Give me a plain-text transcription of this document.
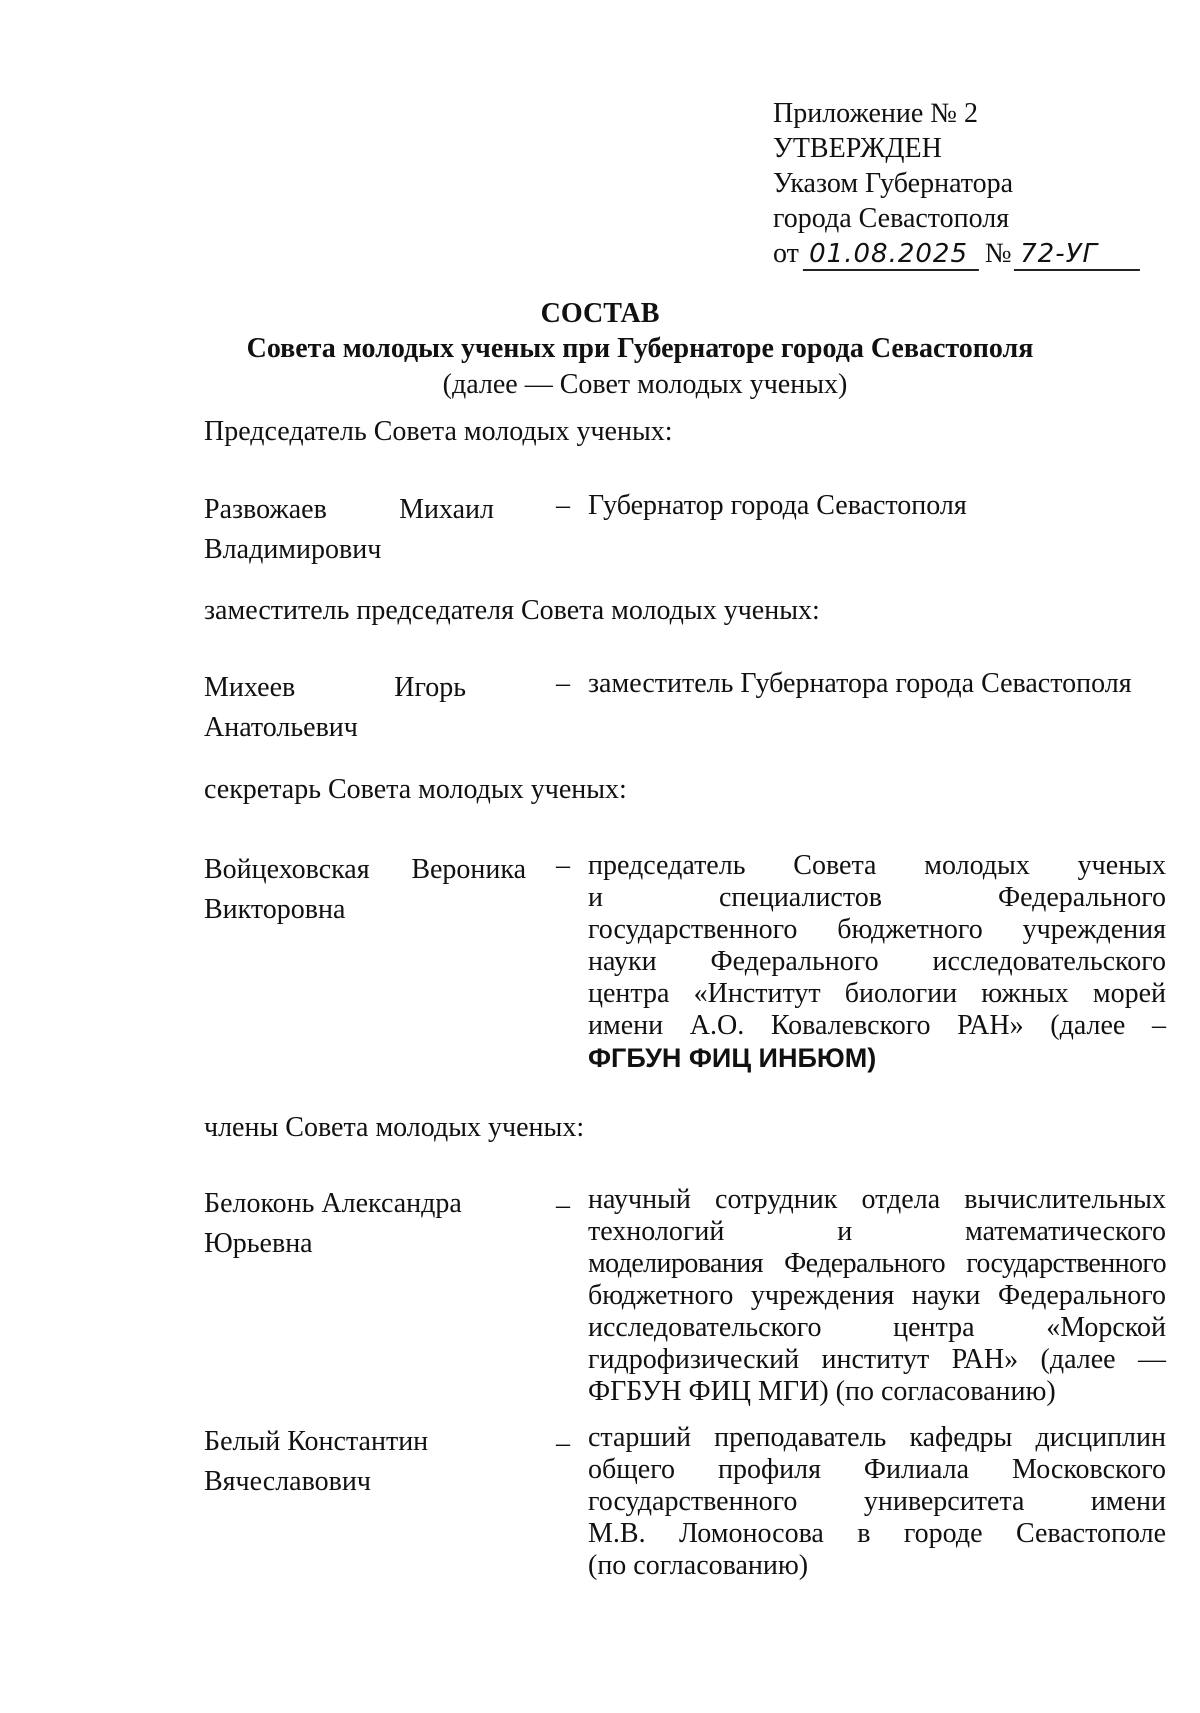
Приложение № 2
УТВЕРЖДЕН
Указом Губернатора
города Севастополя
от 01.08.2025 № 72-УГ
СОСТАВ
Совета молодых ученых при Губернаторе города Севастополя
(далее — Совет молодых ученых)
Председатель Совета молодых ученых:
Развожаев	Михаил
Владимирович
– Губернатор города Севастополя
заместитель председателя Совета молодых ученых:
Михеев	Игорь
Анатольевич
– заместитель Губернатора города Севастополя
секретарь Совета молодых ученых:
Войцеховская Вероника
Викторовна
– председатель Совета молодых ученых
и специалистов Федерального
государственного бюджетного учреждения
науки Федерального исследовательского
центра «Институт биологии южных морей
имени А.О. Ковалевского РАН» (далее –
ФГБУН ФИЦ ИНБЮМ)
члены Совета молодых ученых:
Белоконь Александра
Юрьевна
– научный сотрудник отдела вычислительных
технологий и математического
моделирования Федерального государственного
бюджетного учреждения науки Федерального
исследовательского центра «Морской
гидрофизический институт РАН» (далее —
ФГБУН ФИЦ МГИ) (по согласованию)
Белый Константин
Вячеславович
– старший преподаватель кафедры дисциплин
общего профиля Филиала Московского
государственного университета имени
М.В. Ломоносова в городе Севастополе
(по согласованию)
